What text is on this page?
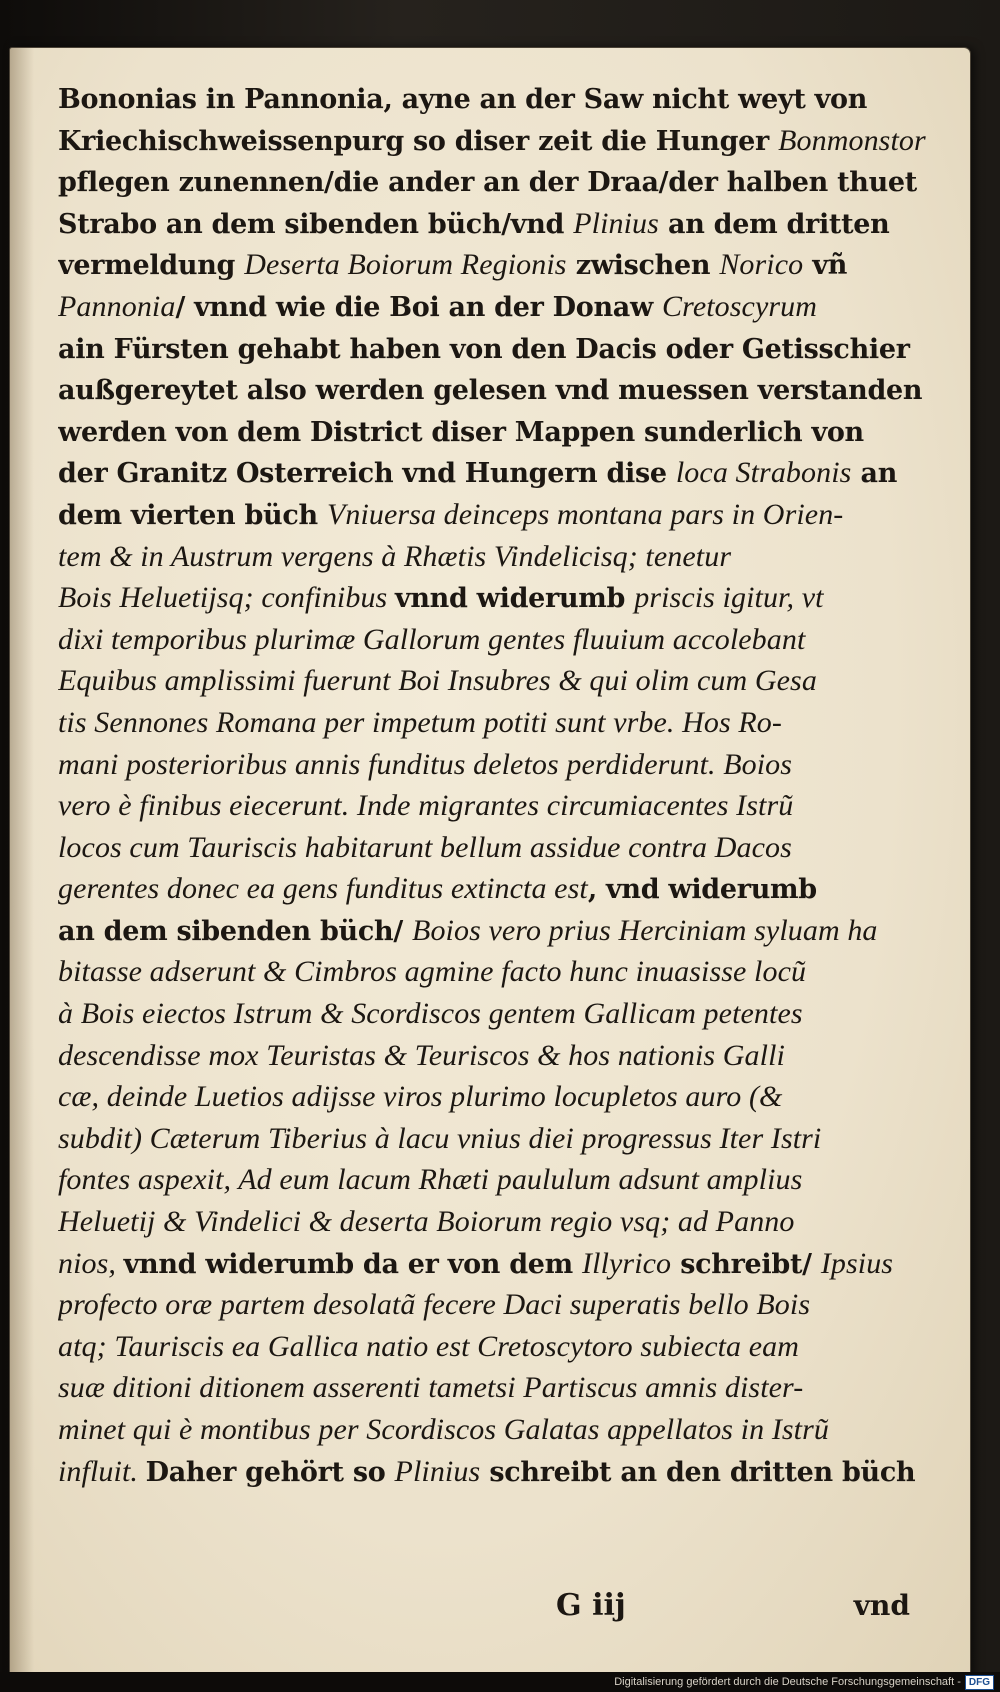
Bononias in Pannonia, ayne an der Saw nicht weyt von
Kriechischweissenpurg so diser zeit die Hunger Bonmonstor
pflegen zunennen/die ander an der Draa/der halben thuet
Strabo an dem sibenden büch/vnd Plinius an dem dritten
vermeldung Deserta Boiorum Regionis zwischen Norico vñ
Pannonia/ vnnd wie die Boi an der Donaw Cretoscyrum
ain Fürsten gehabt haben von den Dacis oder Getisschier
außgereytet also werden gelesen vnd muessen verstanden
werden von dem District diser Mappen sunderlich von
der Granitz Osterreich vnd Hungern dise loca Strabonis an
dem vierten büch Vniuersa deinceps montana pars in Orien-
tem & in Austrum vergens à Rhætis Vindelicisq; tenetur
Bois Heluetijsq; confinibus vnnd widerumb priscis igitur, vt
dixi temporibus plurimæ Gallorum gentes fluuium accolebant
Equibus amplissimi fuerunt Boi Insubres & qui olim cum Gesa
tis Sennones Romana per impetum potiti sunt vrbe. Hos Ro-
mani posterioribus annis funditus deletos perdiderunt. Boios
vero è finibus eiecerunt. Inde migrantes circumiacentes Istrũ
locos cum Tauriscis habitarunt bellum assidue contra Dacos
gerentes donec ea gens funditus extincta est, vnd widerumb
an dem sibenden büch/ Boios vero prius Herciniam syluam ha
bitasse adserunt & Cimbros agmine facto hunc inuasisse locũ
à Bois eiectos Istrum & Scordiscos gentem Gallicam petentes
descendisse mox Teuristas & Teuriscos & hos nationis Galli
cæ, deinde Luetios adijsse viros plurimo locupletos auro (&
subdit) Cæterum Tiberius à lacu vnius diei progressus Iter Istri
fontes aspexit, Ad eum lacum Rhæti paululum adsunt amplius
Heluetij & Vindelici & deserta Boiorum regio vsq; ad Panno
nios, vnnd widerumb da er von dem Illyrico schreibt/ Ipsius
profecto oræ partem desolatã fecere Daci superatis bello Bois
atq; Tauriscis ea Gallica natio est Cretoscytoro subiecta eam
suæ ditioni ditionem asserenti tametsi Partiscus amnis dister-
minet qui è montibus per Scordiscos Galatas appellatos in Istrũ
influit. Daher gehört so Plinius schreibt an den dritten büch
G iij	vnd
Digitalisierung gefördert durch die Deutsche Forschungsgemeinschaft - DFG
